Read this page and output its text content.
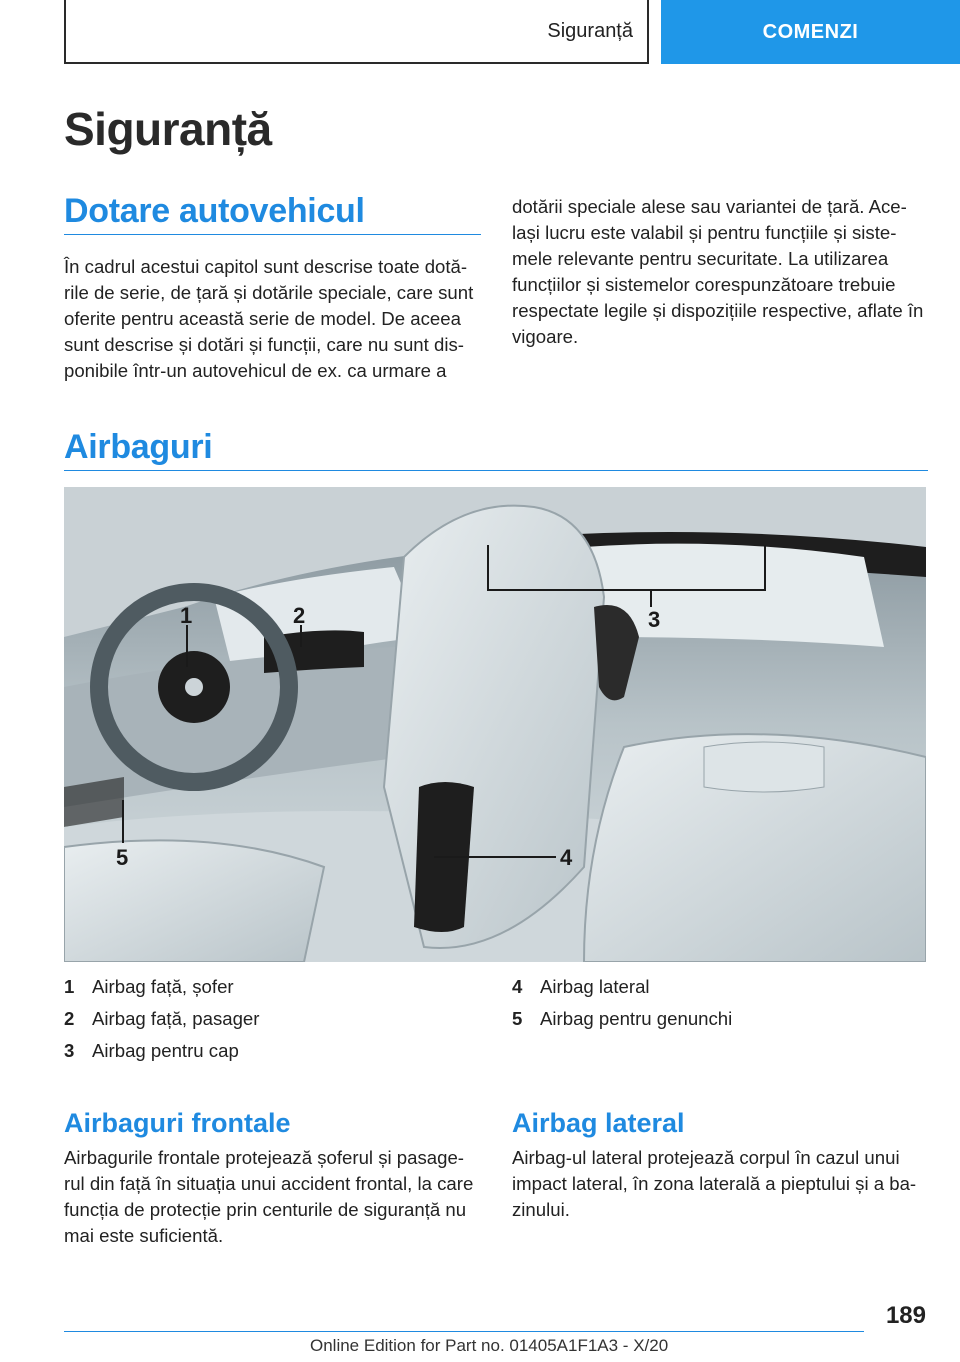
Siguranță	COMENZI
Siguranță
Dotare autovehicul
În cadrul acestui capitol sunt descrise toate dotă‐rile de serie, de țară și dotările speciale, care sunt oferite pentru această serie de model. De aceea sunt descrise și dotări și funcții, care nu sunt dis‐ponibile într-un autovehicul de ex. ca urmare a
dotării speciale alese sau variantei de țară. Ace‐lași lucru este valabil și pentru funcțiile și siste‐mele relevante pentru securitate. La utilizarea funcțiilor și sistemelor corespunzătoare trebuie respectate legile și dispozițiile respective, aflate în vigoare.
Airbaguri
1	2	3
4
5
1 Airbag față, șofer
2 Airbag față, pasager
3 Airbag pentru cap
4 Airbag lateral
5 Airbag pentru genunchi
Airbaguri frontale
Airbagurile frontale protejează șoferul și pasage‐rul din față în situația unui accident frontal, la care funcția de protecție prin centurile de siguranță nu mai este suficientă.
Airbag lateral
Airbag-ul lateral protejează corpul în cazul unui impact lateral, în zona laterală a pieptului și a ba‐zinului.
189
Online Edition for Part no. 01405A1F1A3 - X/20
